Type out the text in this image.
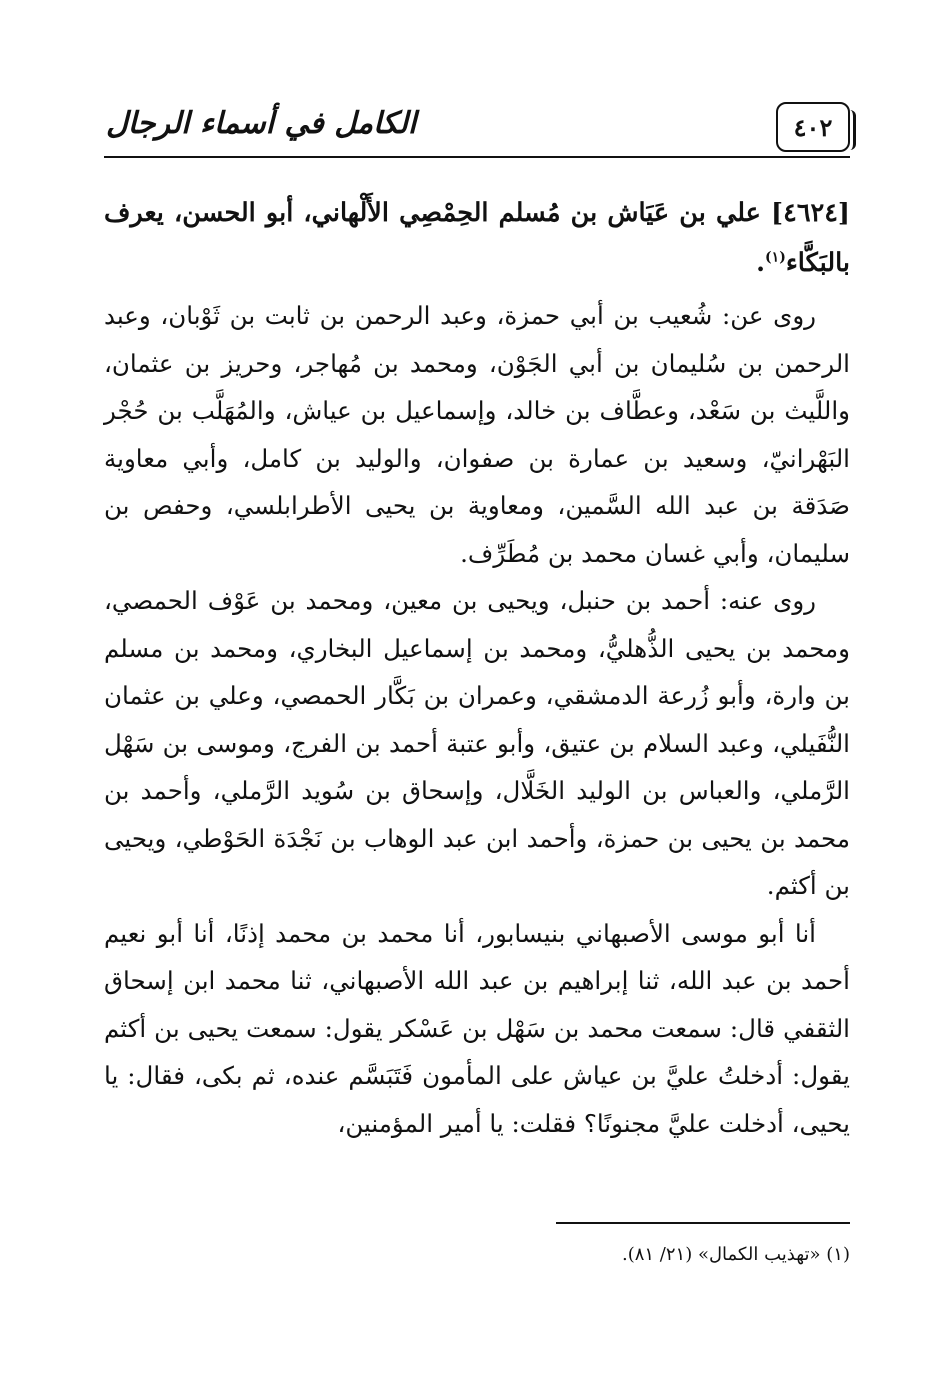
٤٠٢
الكامل في أسماء الرجال

[٤٦٢٤] علي بن عَيَاش بن مُسلم الحِمْصِي الأَلْهاني، أبو الحسن، يعرف بالبَكَّاء$^{(١)}$.

روى عن: شُعيب بن أبي حمزة، وعبد الرحمن بن ثابت بن ثَوْبان، وعبد الرحمن بن سُليمان بن أبي الجَوْن، ومحمد بن مُهاجر، وحريز بن عثمان، واللَّيث بن سَعْد، وعطَّاف بن خالد، وإسماعيل بن عياش، والمُهَلَّب بن حُجْر البَهْرانيّ، وسعيد بن عمارة بن صفوان، والوليد بن كامل، وأبي معاوية صَدَقة بن عبد الله السَّمين، ومعاوية بن يحيى الأطرابلسي، وحفص بن سليمان، وأبي غسان محمد بن مُطَرِّف.

روى عنه: أحمد بن حنبل، ويحيى بن معين، ومحمد بن عَوْف الحمصي، ومحمد بن يحيى الذُّهليُّ، ومحمد بن إسماعيل البخاري، ومحمد بن مسلم بن وارة، وأبو زُرعة الدمشقي، وعمران بن بَكَّار الحمصي، وعلي بن عثمان النُّفَيلي، وعبد السلام بن عتيق، وأبو عتبة أحمد بن الفرج، وموسى بن سَهْل الرَّملي، والعباس بن الوليد الخَلَّال، وإسحاق بن سُويد الرَّملي، وأحمد بن محمد بن يحيى بن حمزة، وأحمد ابن عبد الوهاب بن نَجْدَة الحَوْطي، ويحيى بن أكثم.

أنا أبو موسى الأصبهاني بنيسابور، أنا محمد بن محمد إذنًا، أنا أبو نعيم أحمد بن عبد الله، ثنا إبراهيم بن عبد الله الأصبهاني، ثنا محمد ابن إسحاق الثقفي قال: سمعت محمد بن سَهْل بن عَسْكر يقول: سمعت يحيى بن أكثم يقول: أدخلتُ عليَّ بن عياش على المأمون فَتَبَسَّم عنده، ثم بكى، فقال: يا يحيى، أدخلت عليَّ مجنونًا؟ فقلت: يا أمير المؤمنين،

(١) «تهذيب الكمال» (٢١/ ٨١).
